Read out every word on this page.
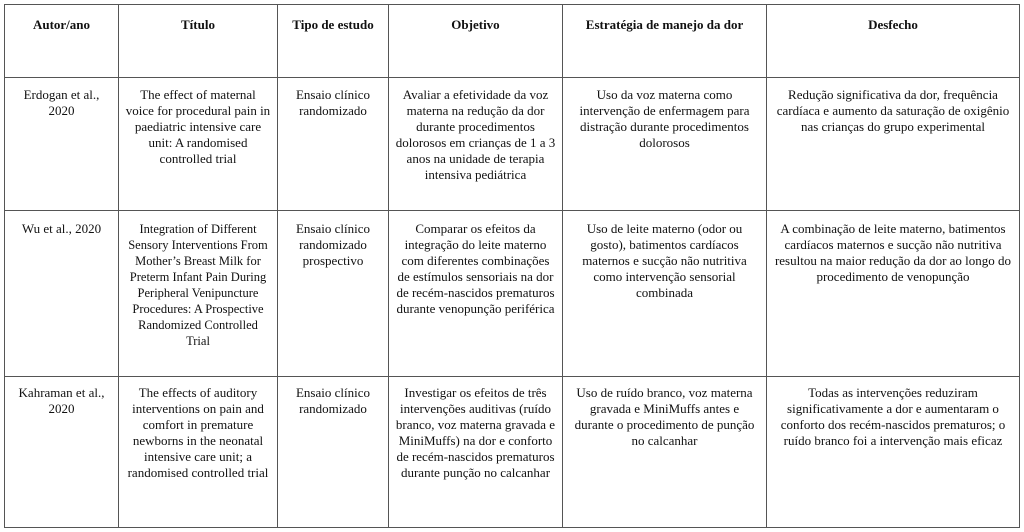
Autor/ano	Título	Tipo de estudo	Objetivo	Estratégia de manejo da dor	Desfecho
Erdogan et al., 2020	The effect of maternal voice for procedural pain in paediatric intensive care unit: A randomised controlled trial	Ensaio clínico randomizado	Avaliar a efetividade da voz materna na redução da dor durante procedimentos dolorosos em crianças de 1 a 3 anos na unidade de terapia intensiva pediátrica	Uso da voz materna como intervenção de enfermagem para distração durante procedimentos dolorosos	Redução significativa da dor, frequência cardíaca e aumento da saturação de oxigênio nas crianças do grupo experimental
Wu et al., 2020	Integration of Different Sensory Interventions From Mother’s Breast Milk for Preterm Infant Pain During Peripheral Venipuncture Procedures: A Prospective Randomized Controlled Trial	Ensaio clínico randomizado prospectivo	Comparar os efeitos da integração do leite materno com diferentes combinações de estímulos sensoriais na dor de recém-nascidos prematuros durante venopunção periférica	Uso de leite materno (odor ou gosto), batimentos cardíacos maternos e sucção não nutritiva como intervenção sensorial combinada	A combinação de leite materno, batimentos cardíacos maternos e sucção não nutritiva resultou na maior redução da dor ao longo do procedimento de venopunção
Kahraman et al., 2020	The effects of auditory interventions on pain and comfort in premature newborns in the neonatal intensive care unit; a randomised controlled trial	Ensaio clínico randomizado	Investigar os efeitos de três intervenções auditivas (ruído branco, voz materna gravada e MiniMuffs) na dor e conforto de recém-nascidos prematuros durante punção no calcanhar	Uso de ruído branco, voz materna gravada e MiniMuffs antes e durante o procedimento de punção no calcanhar	Todas as intervenções reduziram significativamente a dor e aumentaram o conforto dos recém-nascidos prematuros; o ruído branco foi a intervenção mais eficaz
